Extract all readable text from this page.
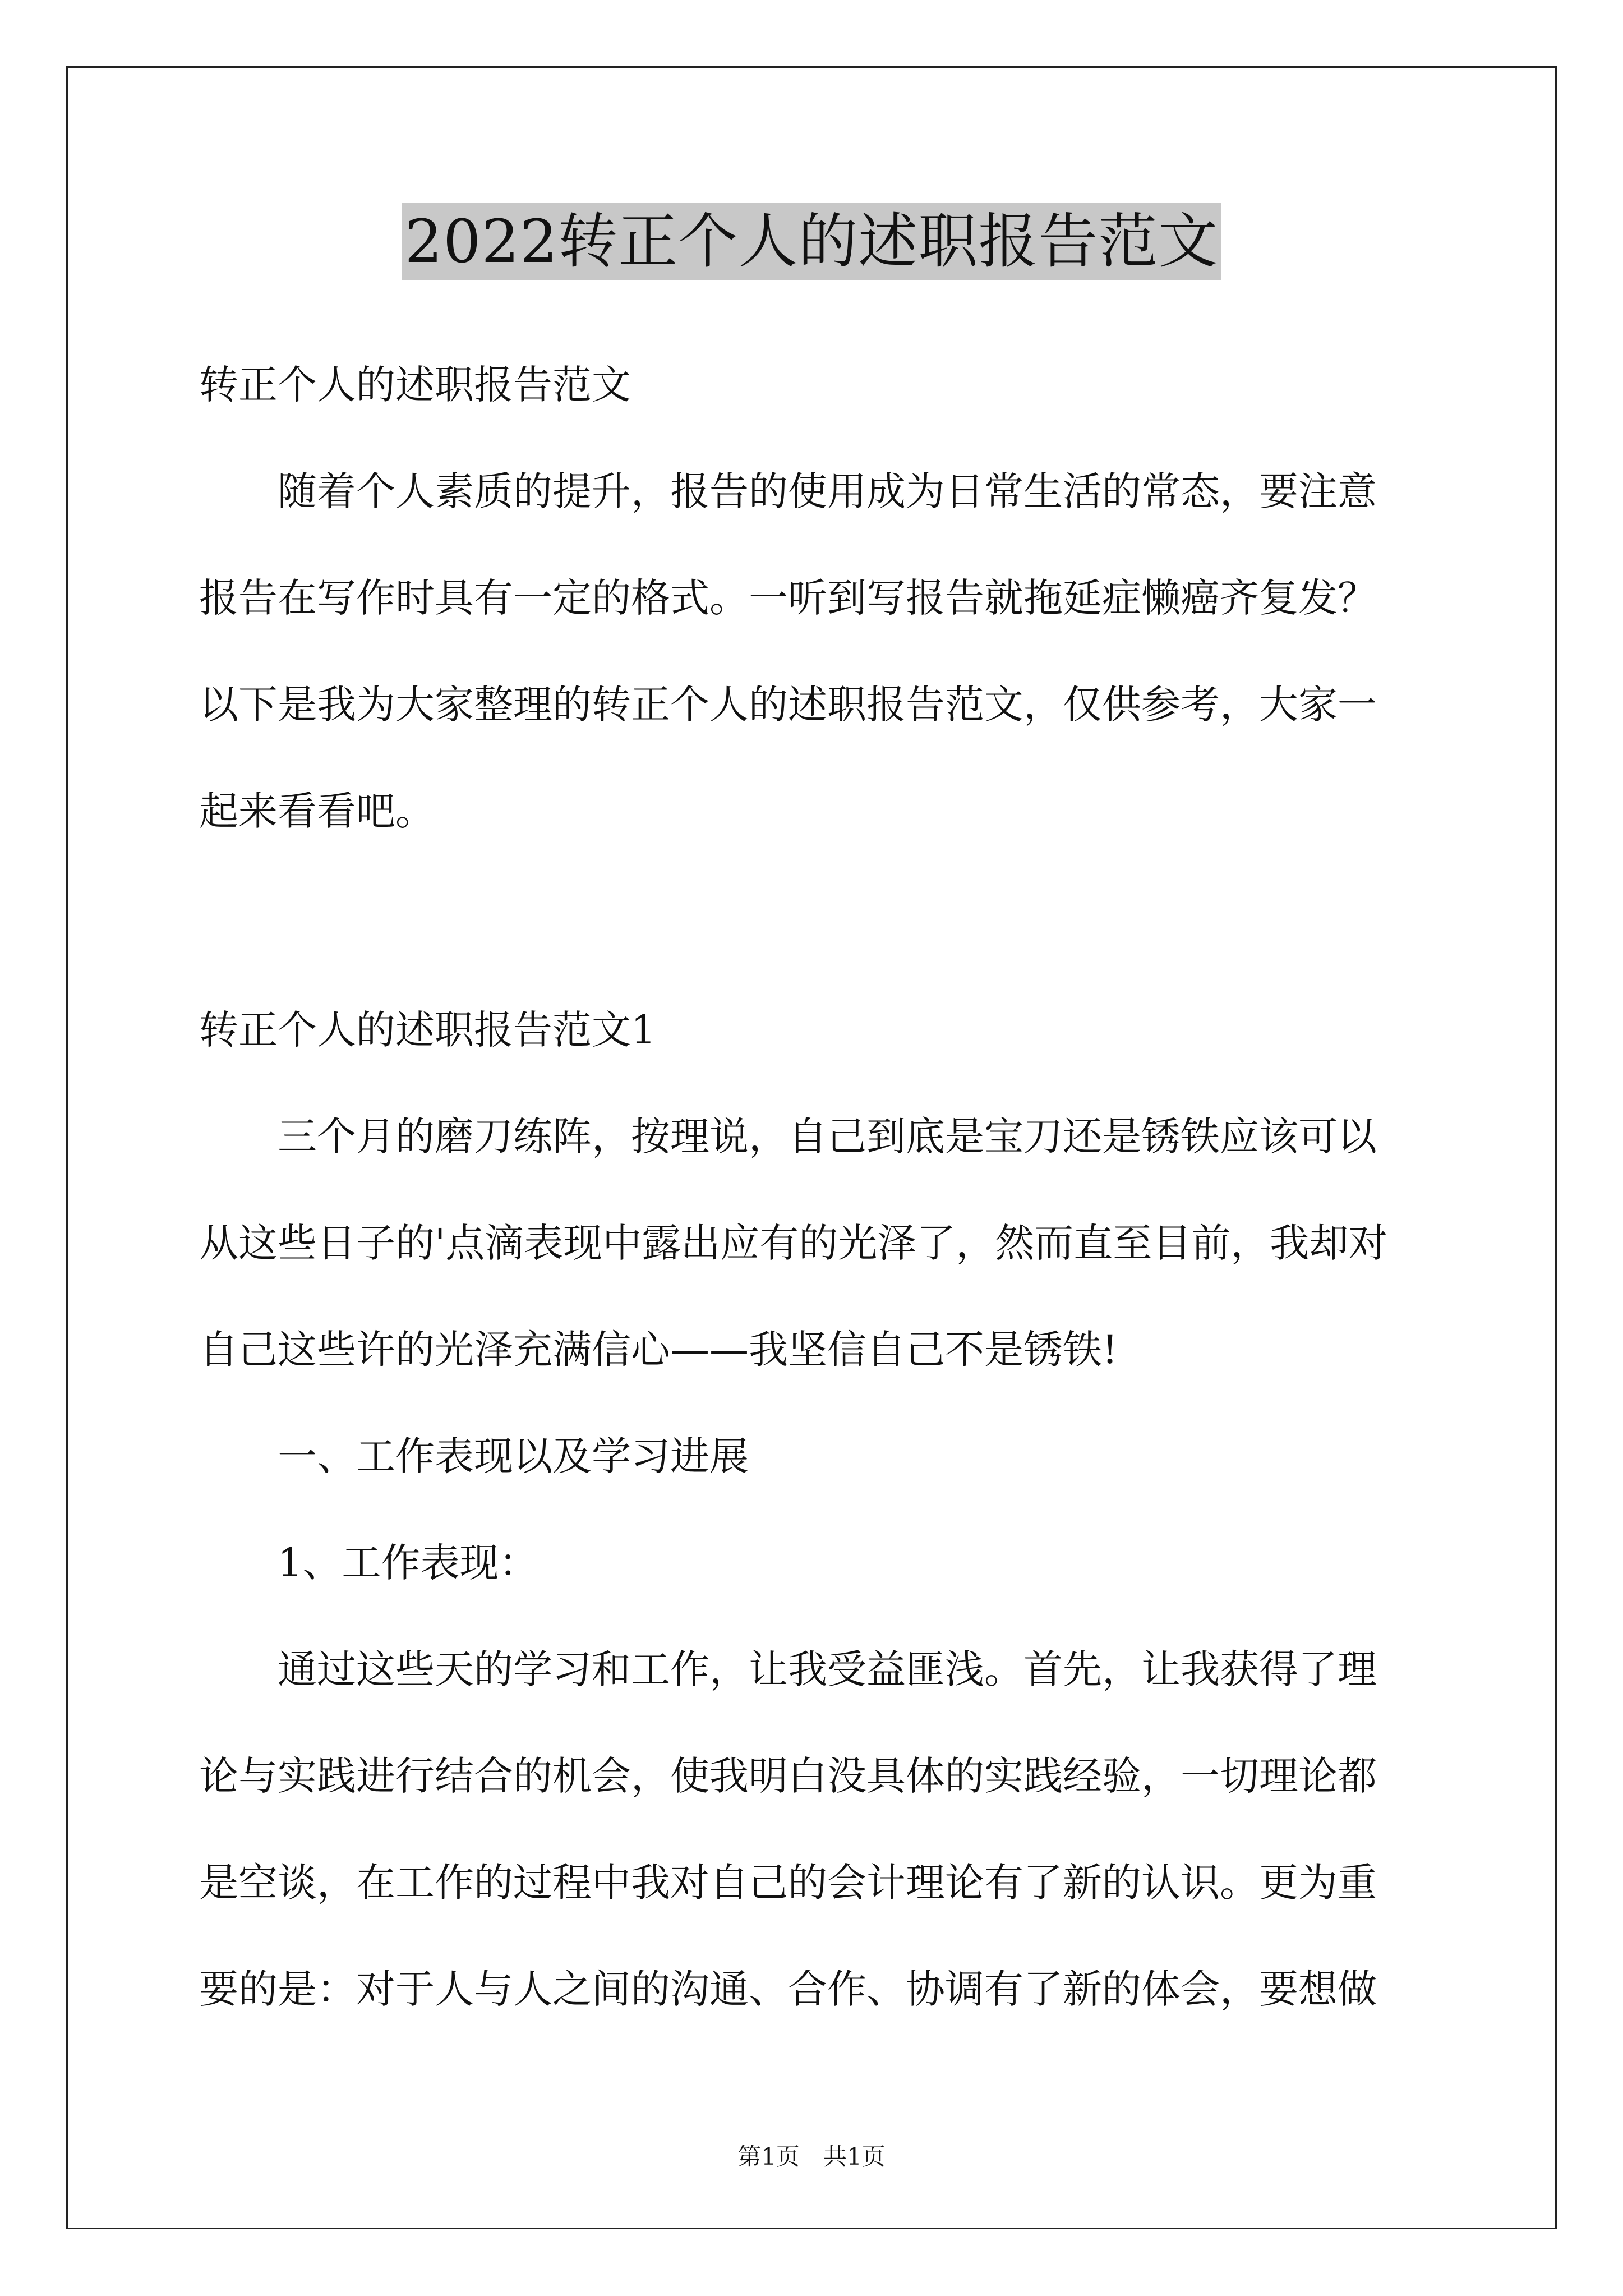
2022转正个人的述职报告范文
转正个人的述职报告范文
　　随着个人素质的提升，报告的使用成为日常生活的常态，要注意
报告在写作时具有一定的格式。一听到写报告就拖延症懒癌齐复发？
以下是我为大家整理的转正个人的述职报告范文，仅供参考，大家一
起来看看吧。
转正个人的述职报告范文1
　　三个月的磨刀练阵，按理说，自己到底是宝刀还是锈铁应该可以
从这些日子的'点滴表现中露出应有的光泽了，然而直至目前，我却对
自己这些许的光泽充满信心——我坚信自己不是锈铁!
　　一、工作表现以及学习进展
　　1、工作表现：
　　通过这些天的学习和工作，让我受益匪浅。首先，让我获得了理
论与实践进行结合的机会，使我明白没具体的实践经验，一切理论都
是空谈，在工作的过程中我对自己的会计理论有了新的认识。更为重
要的是：对于人与人之间的沟通、合作、协调有了新的体会，要想做
第1页　共1页
